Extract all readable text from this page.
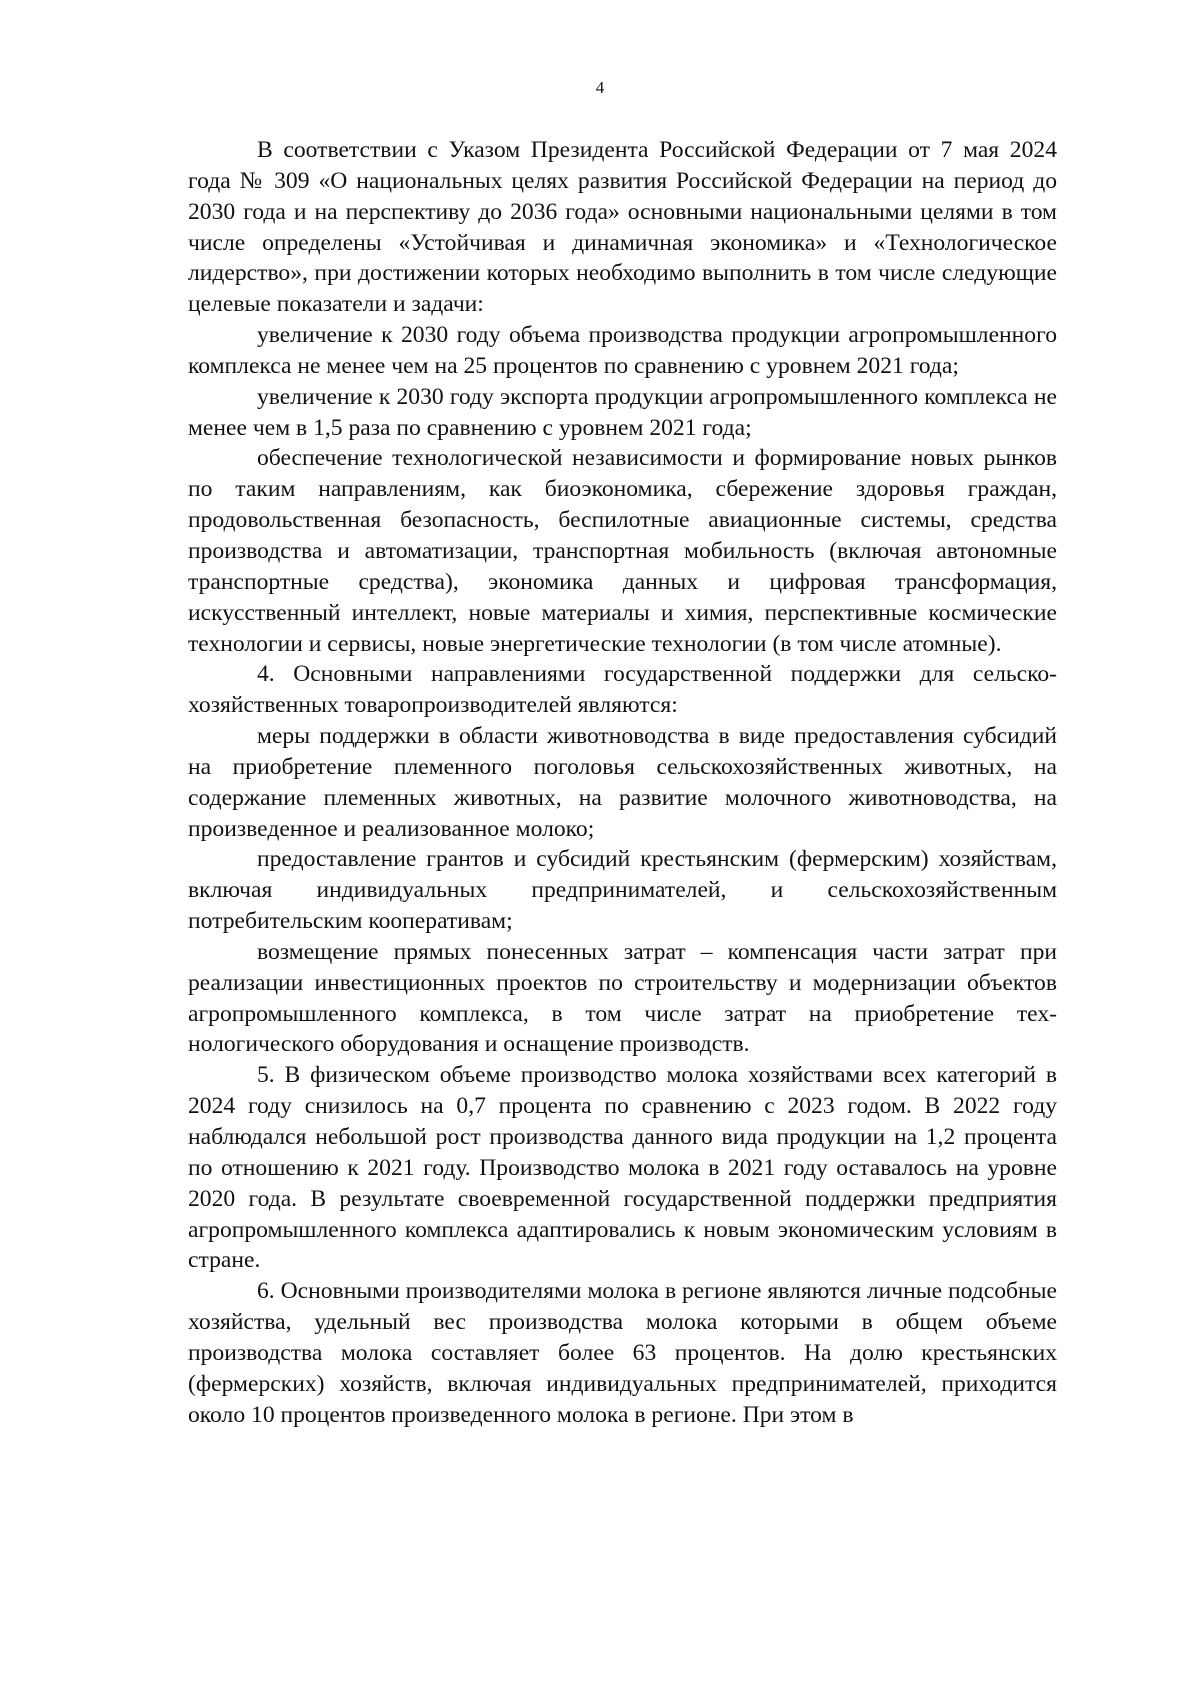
4

В соответствии с Указом Президента Российской Федерации от 7 мая 2024 года № 309 «О национальных целях развития Российской Федерации на период до 2030 года и на перспективу до 2036 года» основными национальными целями в том числе определены «Устойчивая и динамичная экономика» и «Технологическое лидерство», при достижении которых необходимо выполнить в том числе следующие целевые показатели и задачи:

увеличение к 2030 году объема производства продукции агропромышленного комплекса не менее чем на 25 процентов по сравнению с уровнем 2021 года;

увеличение к 2030 году экспорта продукции агропромышленного комплекса не менее чем в 1,5 раза по сравнению с уровнем 2021 года;

обеспечение технологической независимости и формирование новых рынков по таким направлениям, как биоэкономика, сбережение здоровья граждан, продовольственная безопасность, беспилотные авиационные системы, средства производства и автоматизации, транспортная мобильность (включая автономные транспортные средства), экономика данных и цифровая трансформация, искусственный интеллект, новые материалы и химия, перспективные космические технологии и сервисы, новые энергетические технологии (в том числе атомные).

4. Основными направлениями государственной поддержки для сельскохозяйственных товаропроизводителей являются:

меры поддержки в области животноводства в виде предоставления субсидий на приобретение племенного поголовья сельскохозяйственных животных, на содержание племенных животных, на развитие молочного животноводства, на произведенное и реализованное молоко;

предоставление грантов и субсидий крестьянским (фермерским) хозяйствам, включая индивидуальных предпринимателей, и сельскохозяйственным потребительским кооперативам;

возмещение прямых понесенных затрат – компенсация части затрат при реализации инвестиционных проектов по строительству и модернизации объектов агропромышленного комплекса, в том числе затрат на приобретение технологического оборудования и оснащение производств.

5. В физическом объеме производство молока хозяйствами всех категорий в 2024 году снизилось на 0,7 процента по сравнению с 2023 годом. В 2022 году наблюдался небольшой рост производства данного вида продукции на 1,2 процента по отношению к 2021 году. Производство молока в 2021 году оставалось на уровне 2020 года. В результате своевременной государственной поддержки предприятия агропромышленного комплекса адаптировались к новым экономическим условиям в стране.

6. Основными производителями молока в регионе являются личные подсобные хозяйства, удельный вес производства молока которыми в общем объеме производства молока составляет более 63 процентов. На долю крестьянских (фермерских) хозяйств, включая индивидуальных предпринимателей, приходится около 10 процентов произведенного молока в регионе. При этом в
